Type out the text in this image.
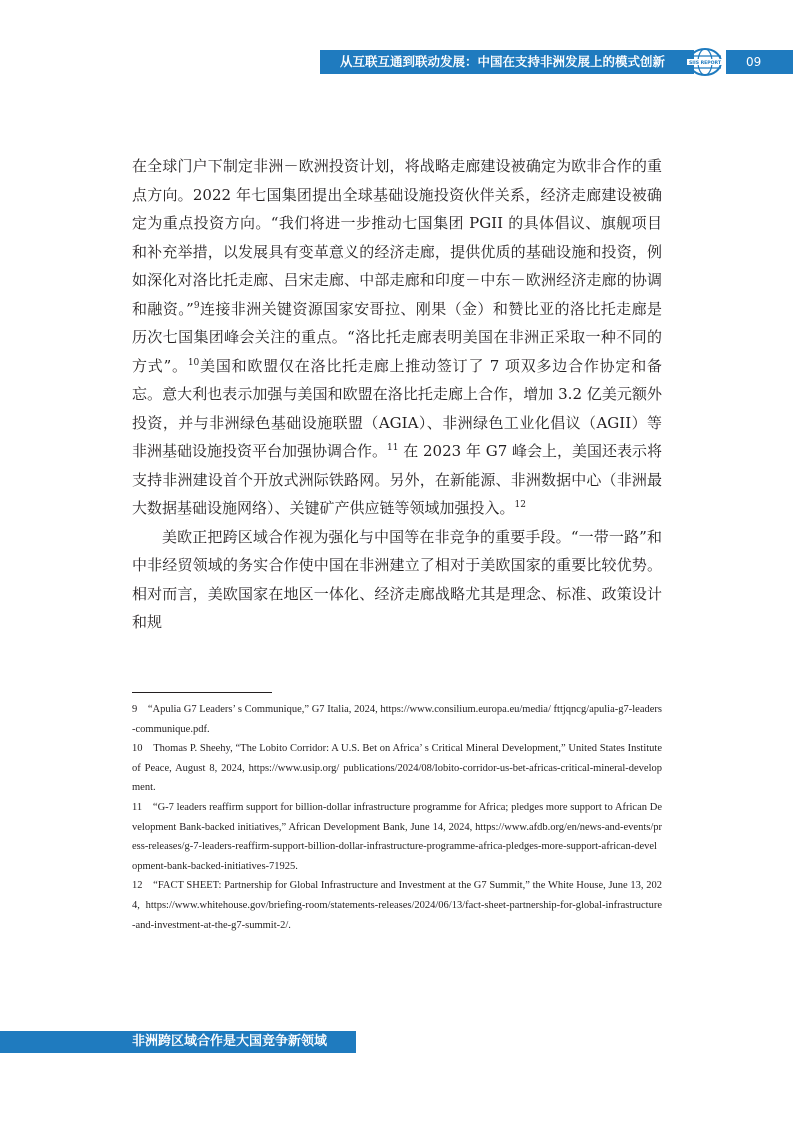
从互联互通到联动发展：中国在支持非洲发展上的模式创新	SIIS REPORT	09

在全球门户下制定非洲－欧洲投资计划，将战略走廊建设被确定为欧非合作的重点方向。2022 年七国集团提出全球基础设施投资伙伴关系，经济走廊建设被确定为重点投资方向。“我们将进一步推动七国集团 PGII 的具体倡议、旗舰项目和补充举措，以发展具有变革意义的经济走廊，提供优质的基础设施和投资，例如深化对洛比托走廊、吕宋走廊、中部走廊和印度－中东－欧洲经济走廊的协调和融资。”$^9$连接非洲关键资源国家安哥拉、刚果（金）和赞比亚的洛比托走廊是历次七国集团峰会关注的重点。“洛比托走廊表明美国在非洲正采取一种不同的方式”。$^{10}$美国和欧盟仅在洛比托走廊上推动签订了 7 项双多边合作协定和备忘。意大利也表示加强与美国和欧盟在洛比托走廊上合作，增加 3.2 亿美元额外投资，并与非洲绿色基础设施联盟（AGIA）、非洲绿色工业化倡议（AGII）等非洲基础设施投资平台加强协调合作。$^{11}$ 在 2023 年 G7 峰会上，美国还表示将支持非洲建设首个开放式洲际铁路网。另外，在新能源、非洲数据中心（非洲最大数据基础设施网络）、关键矿产供应链等领域加强投入。$^{12}$

美欧正把跨区域合作视为强化与中国等在非竞争的重要手段。“一带一路”和中非经贸领域的务实合作使中国在非洲建立了相对于美欧国家的重要比较优势。相对而言，美欧国家在地区一体化、经济走廊战略尤其是理念、标准、政策设计和规

9　“Apulia G7 Leaders’ s Communique,” G7 Italia, 2024, https://www.consilium.europa.eu/media/ fttjqncg/apulia-g7-leaders-communique.pdf.

10　Thomas P. Sheehy, “The Lobito Corridor: A U.S. Bet on Africa’ s Critical Mineral Development,” United States Institute of Peace, August 8, 2024, https://www.usip.org/ publications/2024/08/lobito-corridor-us-bet-africas-critical-mineral-development.

11　“G-7 leaders reaffirm support for billion-dollar infrastructure programme for Africa; pledges more support to African Development Bank-backed initiatives,” African Development Bank, June 14, 2024, https://www.afdb.org/en/news-and-events/press-releases/g-7-leaders-reaffirm-support-billion-dollar-infrastructure-programme-africa-pledges-more-support-african-development-bank-backed-initiatives-71925.

12　“FACT SHEET: Partnership for Global Infrastructure and Investment at the G7 Summit,” the White House, June 13, 2024, https://www.whitehouse.gov/briefing-room/statements-releases/2024/06/13/fact-sheet-partnership-for-global-infrastructure-and-investment-at-the-g7-summit-2/.

非洲跨区域合作是大国竞争新领域
